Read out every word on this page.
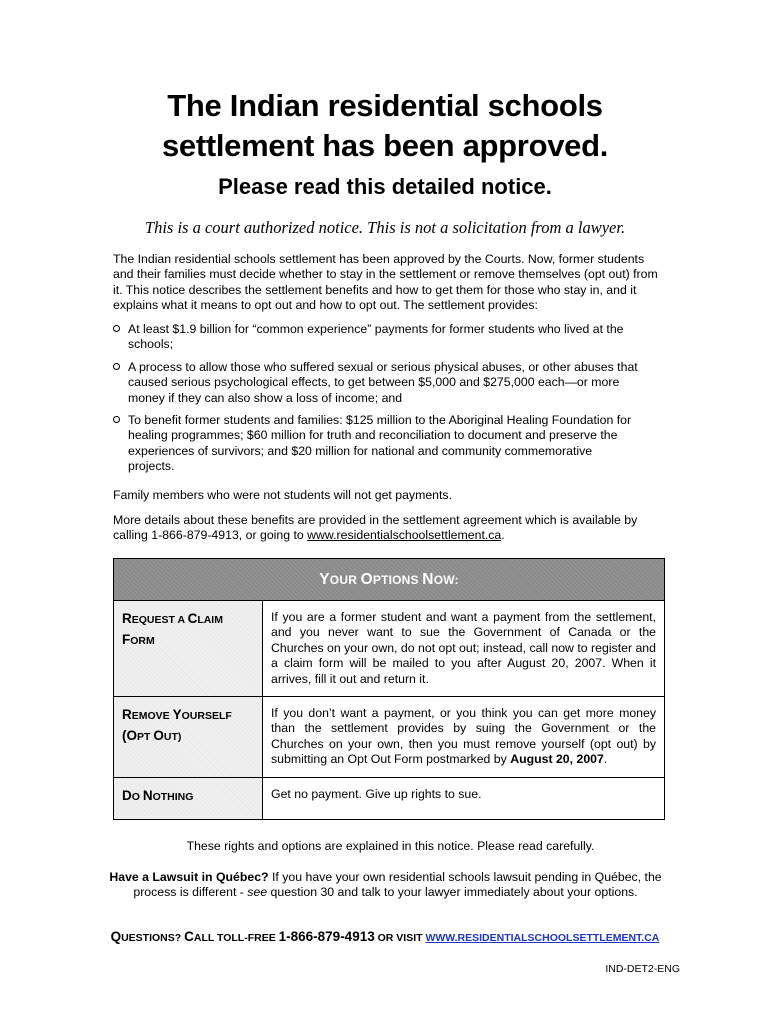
The Indian residential schools
settlement has been approved.
Please read this detailed notice.

This is a court authorized notice. This is not a solicitation from a lawyer.

The Indian residential schools settlement has been approved by the Courts. Now, former students and their families must decide whether to stay in the settlement or remove themselves (opt out) from it. This notice describes the settlement benefits and how to get them for those who stay in, and it explains what it means to opt out and how to opt out. The settlement provides:

At least $1.9 billion for “common experience” payments for former students who lived at the schools;
A process to allow those who suffered sexual or serious physical abuses, or other abuses that caused serious psychological effects, to get between $5,000 and $275,000 each—or more money if they can also show a loss of income; and
To benefit former students and families: $125 million to the Aboriginal Healing Foundation for healing programmes; $60 million for truth and reconciliation to document and preserve the experiences of survivors; and $20 million for national and community commemorative projects.

Family members who were not students will not get payments.

More details about these benefits are provided in the settlement agreement which is available by calling 1-866-879-4913, or going to www.residentialschoolsettlement.ca.

YOUR OPTIONS NOW:	
REQUEST A CLAIM
FORM	If you are a former student and want a payment from the settlement, and you never want to sue the Government of Canada or the Churches on your own, do not opt out; instead, call now to register and a claim form will be mailed to you after August 20, 2007. When it arrives, fill it out and return it.
REMOVE YOURSELF
(OPT OUT)	If you don’t want a payment, or you think you can get more money than the settlement provides by suing the Government or the Churches on your own, then you must remove yourself (opt out) by submitting an Opt Out Form postmarked by August 20, 2007.
DO NOTHING	Get no payment. Give up rights to sue.

These rights and options are explained in this notice. Please read carefully.

Have a Lawsuit in Québec? If you have your own residential schools lawsuit pending in Québec, the process is different - see question 30 and talk to your lawyer immediately about your options.

QUESTIONS? CALL TOLL-FREE 1-866-879-4913 OR VISIT WWW.RESIDENTIALSCHOOLSETTLEMENT.CA

IND-DET2-ENG
